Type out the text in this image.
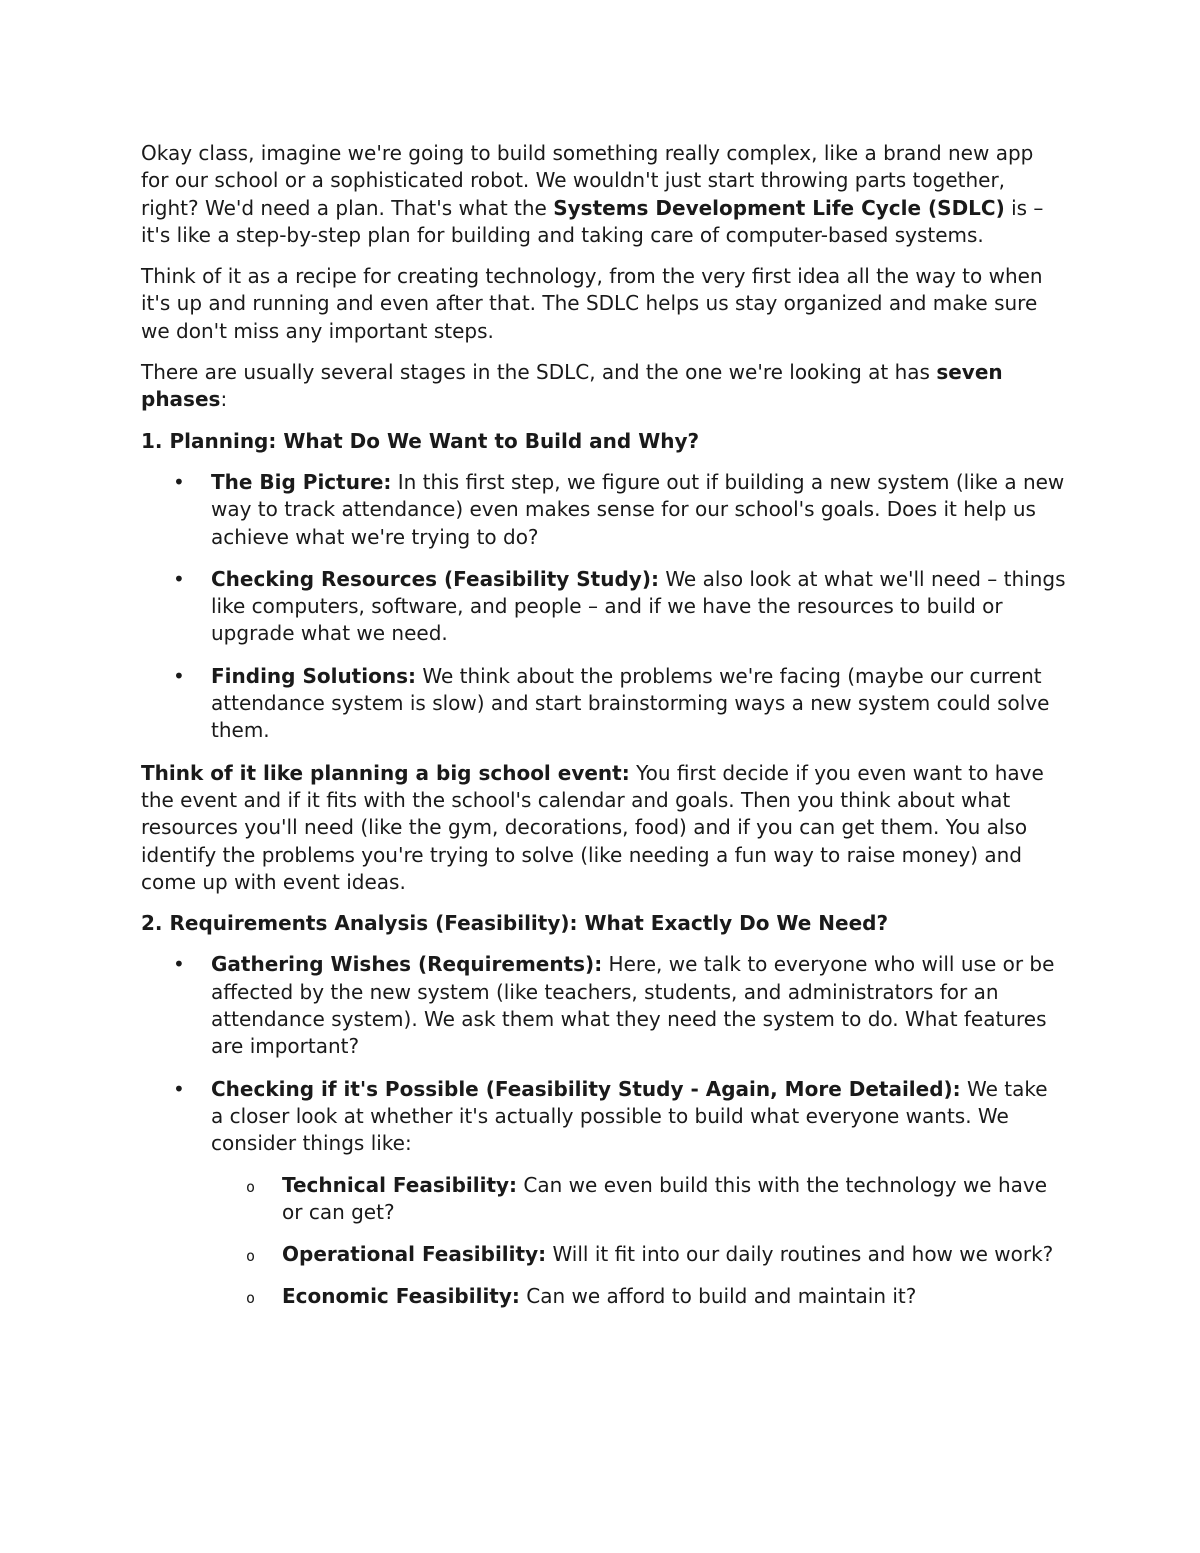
Okay class, imagine we're going to build something really complex, like a brand new app for our school or a sophisticated robot. We wouldn't just start throwing parts together, right? We'd need a plan. That's what the Systems Development Life Cycle (SDLC) is – it's like a step-by-step plan for building and taking care of computer-based systems.

Think of it as a recipe for creating technology, from the very first idea all the way to when it's up and running and even after that. The SDLC helps us stay organized and make sure we don't miss any important steps.

There are usually several stages in the SDLC, and the one we're looking at has seven phases:

1. Planning: What Do We Want to Build and Why?
• The Big Picture: In this first step, we figure out if building a new system (like a new way to track attendance) even makes sense for our school's goals. Does it help us achieve what we're trying to do?
• Checking Resources (Feasibility Study): We also look at what we'll need – things like computers, software, and people – and if we have the resources to build or upgrade what we need.
• Finding Solutions: We think about the problems we're facing (maybe our current attendance system is slow) and start brainstorming ways a new system could solve them.

Think of it like planning a big school event: You first decide if you even want to have the event and if it fits with the school's calendar and goals. Then you think about what resources you'll need (like the gym, decorations, food) and if you can get them. You also identify the problems you're trying to solve (like needing a fun way to raise money) and come up with event ideas.

2. Requirements Analysis (Feasibility): What Exactly Do We Need?
• Gathering Wishes (Requirements): Here, we talk to everyone who will use or be affected by the new system (like teachers, students, and administrators for an attendance system). We ask them what they need the system to do. What features are important?
• Checking if it's Possible (Feasibility Study - Again, More Detailed): We take a closer look at whether it's actually possible to build what everyone wants. We consider things like:
o Technical Feasibility: Can we even build this with the technology we have or can get?
o Operational Feasibility: Will it fit into our daily routines and how we work?
o Economic Feasibility: Can we afford to build and maintain it?
